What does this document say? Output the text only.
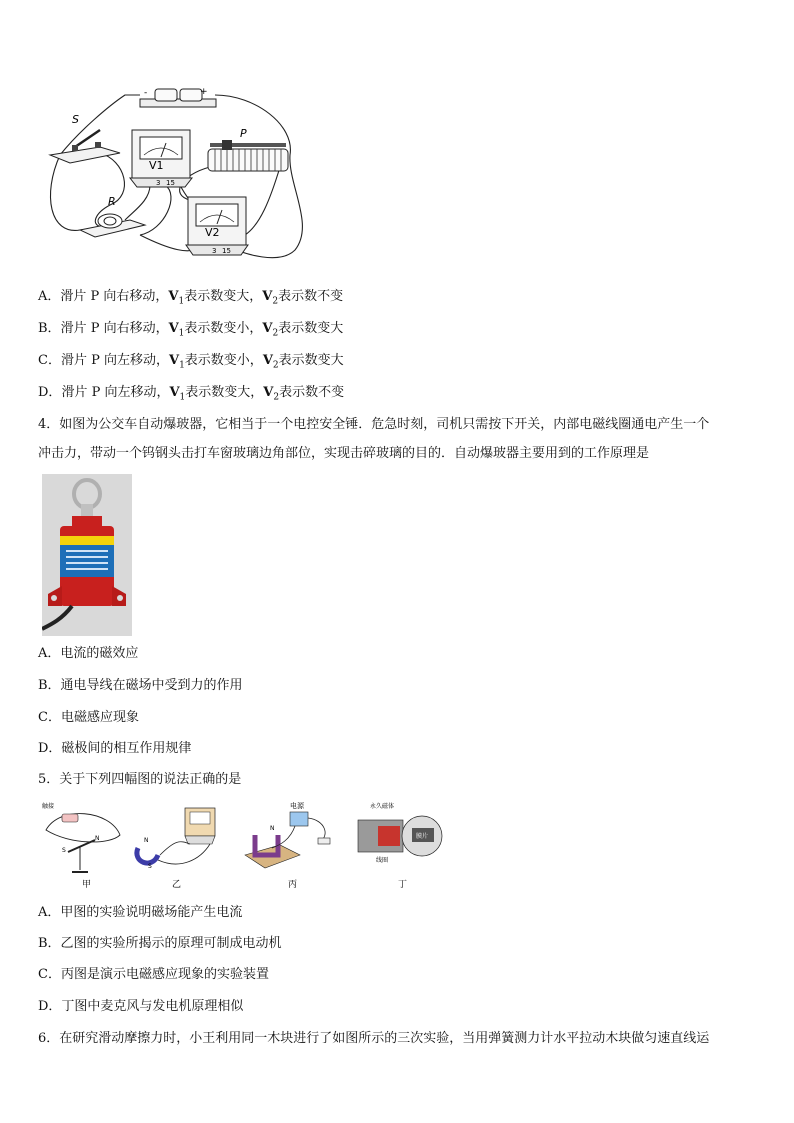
-	+
S
V1
3 15
P
R
V2
3 15
A．滑片 P 向右移动，$V_1$表示数变大，$V_2$表示数不变
B．滑片 P 向右移动，$V_1$表示数变小，$V_2$表示数变大
C．滑片 P 向左移动，$V_1$表示数变小，$V_2$表示数变大
D．滑片 P 向左移动，$V_1$表示数变大，$V_2$表示数不变
4．如图为公交车自动爆玻器，它相当于一个电控安全锤．危急时刻，司机只需按下开关，内部电磁线圈通电产生一个
冲击力，带动一个钨钢头击打车窗玻璃边角部位，实现击碎玻璃的目的．自动爆玻器主要用到的工作原理是
A．电流的磁效应
B．通电导线在磁场中受到力的作用
C．电磁感应现象
D．磁极间的相互作用规律
5．关于下列四幅图的说法正确的是
触接
S
N
甲
N
S
乙
N
电源
丙
永久磁体
膜片
线圈
丁
A．甲图的实验说明磁场能产生电流
B．乙图的实验所揭示的原理可制成电动机
C．丙图是演示电磁感应现象的实验装置
D．丁图中麦克风与发电机原理相似
6．在研究滑动摩擦力时，小王利用同一木块进行了如图所示的三次实验，当用弹簧测力计水平拉动木块做匀速直线运
